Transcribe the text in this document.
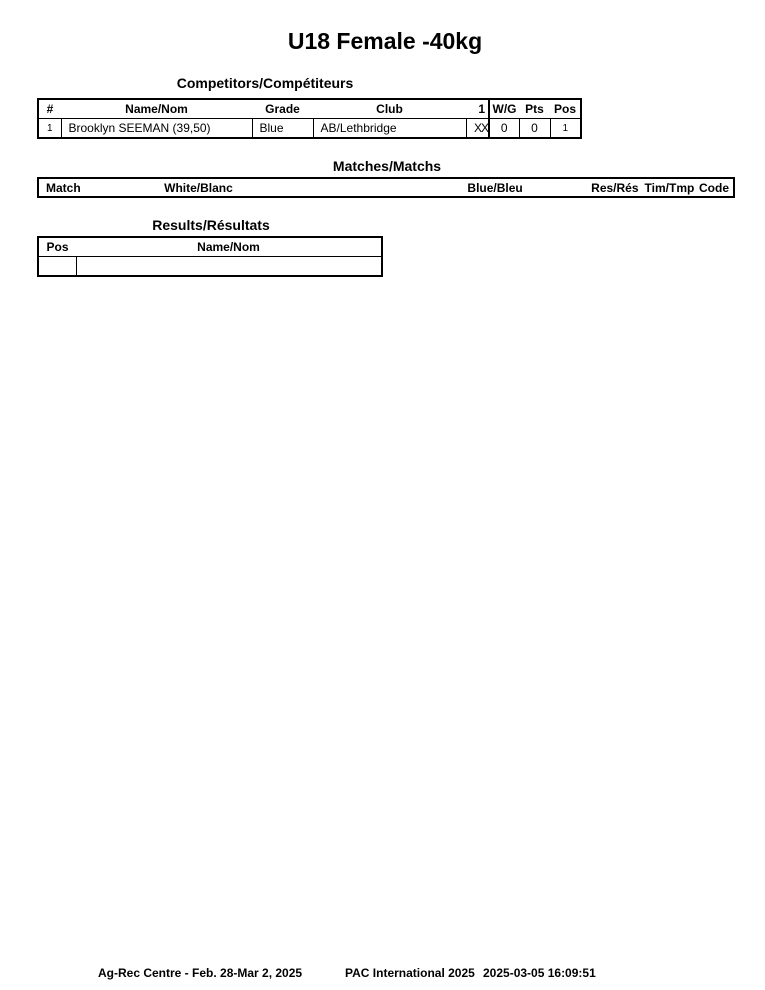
U18 Female -40kg
Competitors/Compétiteurs
#	Name/Nom	Grade	Club	1	W/G	Pts	Pos
1	Brooklyn SEEMAN (39,50)	Blue	AB/Lethbridge	XX	0	0	1
Matches/Matchs
Match	White/Blanc	Blue/Bleu	Res/Rés	Tim/Tmp	Code
Results/Résultats
Pos	Name/Nom

Ag-Rec Centre - Feb. 28-Mar 2, 2025	PAC International 2025 2025-03-05 16:09:51
